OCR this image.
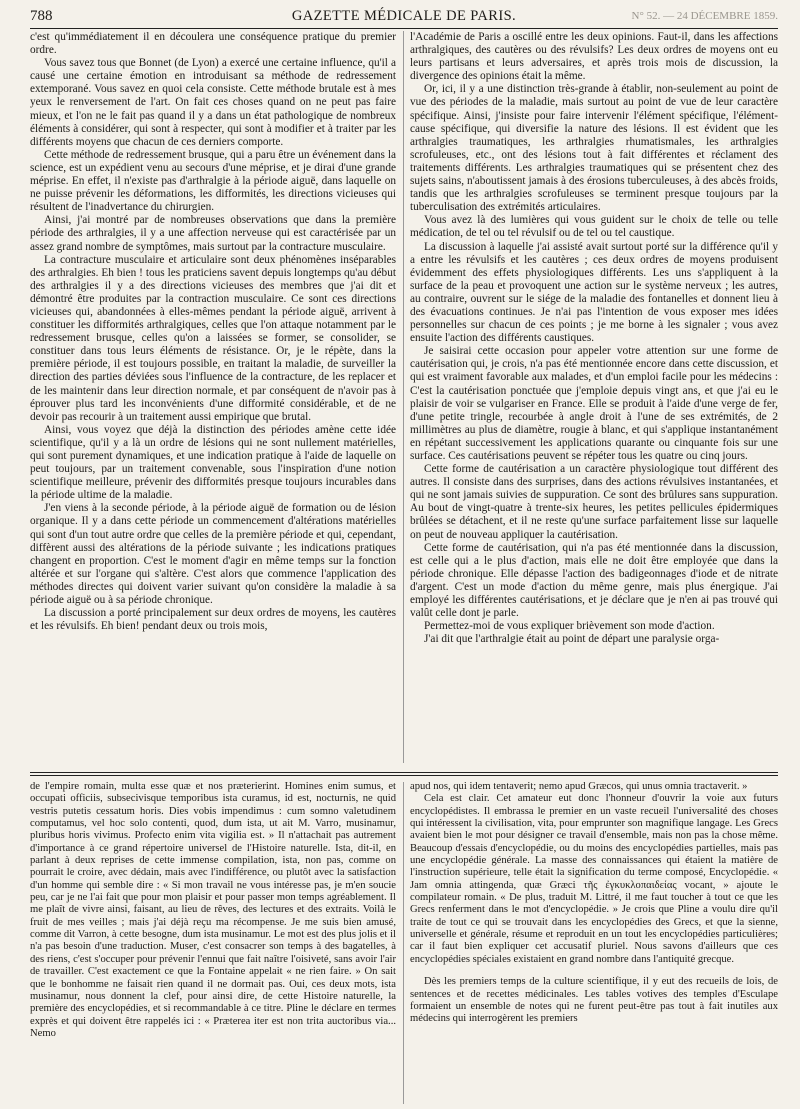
788	GAZETTE MÉDICALE DE PARIS.	N° 52. — 24 DÉCEMBRE 1859.

c'est qu'immédiatement il en découlera une conséquence pratique du premier ordre.

Vous savez tous que Bonnet (de Lyon) a exercé une certaine influence, qu'il a causé une certaine émotion en introduisant sa méthode de redressement extemporané. Vous savez en quoi cela consiste. Cette méthode brutale est à mes yeux le renversement de l'art. On fait ces choses quand on ne peut pas faire mieux, et l'on ne le fait pas quand il y a dans un état pathologique de nombreux éléments à considérer, qui sont à respecter, qui sont à modifier et à traiter par les différents moyens que chacun de ces derniers comporte.

Cette méthode de redressement brusque, qui a paru être un événement dans la science, est un expédient venu au secours d'une méprise, et je dirai d'une grande méprise. En effet, il n'existe pas d'arthralgie à la période aiguë, dans laquelle on ne puisse prévenir les déformations, les difformités, les directions vicieuses qui résultent de l'inadvertance du chirurgien.

Ainsi, j'ai montré par de nombreuses observations que dans la première période des arthralgies, il y a une affection nerveuse qui est caractérisée par un assez grand nombre de symptômes, mais surtout par la contracture musculaire.

La contracture musculaire et articulaire sont deux phénomènes inséparables des arthralgies. Eh bien ! tous les praticiens savent depuis longtemps qu'au début des arthralgies il y a des directions vicieuses des membres que j'ai dit et démontré être produites par la contraction musculaire. Ce sont ces directions vicieuses qui, abandonnées à elles-mêmes pendant la période aiguë, arrivent à constituer les difformités arthralgiques, celles que l'on attaque notamment par le redressement brusque, celles qu'on a laissées se former, se consolider, se constituer dans tous leurs éléments de résistance. Or, je le répète, dans la première période, il est toujours possible, en traitant la maladie, de surveiller la direction des parties déviées sous l'influence de la contracture, de les replacer et de les maintenir dans leur direction normale, et par conséquent de n'avoir pas à éprouver plus tard les inconvénients d'une difformité considérable, et de ne devoir pas recourir à un traitement aussi empirique que brutal.

Ainsi, vous voyez que déjà la distinction des périodes amène cette idée scientifique, qu'il y a là un ordre de lésions qui ne sont nullement matérielles, qui sont purement dynamiques, et une indication pratique à l'aide de laquelle on peut toujours, par un traitement convenable, sous l'inspiration d'une notion scientifique meilleure, prévenir des difformités presque toujours incurables dans la période ultime de la maladie.

J'en viens à la seconde période, à la période aiguë de formation ou de lésion organique. Il y a dans cette période un commencement d'altérations matérielles qui sont d'un tout autre ordre que celles de la première période et qui, cependant, diffèrent aussi des altérations de la période suivante ; les indications pratiques changent en proportion. C'est le moment d'agir en même temps sur la fonction altérée et sur l'organe qui s'altère. C'est alors que commence l'application des méthodes directes qui doivent varier suivant qu'on considère la maladie à sa période aiguë ou à sa période chronique.

La discussion a porté principalement sur deux ordres de moyens, les cautères et les révulsifs. Eh bien! pendant deux ou trois mois,

l'Académie de Paris a oscillé entre les deux opinions. Faut-il, dans les affections arthralgiques, des cautères ou des révulsifs? Les deux ordres de moyens ont eu leurs partisans et leurs adversaires, et après trois mois de discussion, la divergence des opinions était la même.

Or, ici, il y a une distinction très-grande à établir, non-seulement au point de vue des périodes de la maladie, mais surtout au point de vue de leur caractère spécifique. Ainsi, j'insiste pour faire intervenir l'élément spécifique, l'élément-cause spécifique, qui diversifie la nature des lésions. Il est évident que les arthralgies traumatiques, les arthralgies rhumatismales, les arthralgies scrofuleuses, etc., ont des lésions tout à fait différentes et réclament des traitements différents. Les arthralgies traumatiques qui se présentent chez des sujets sains, n'aboutissent jamais à des érosions tuberculeuses, à des abcès froids, tandis que les arthralgies scrofuleuses se terminent presque toujours par la tuberculisation des extrémités articulaires.

Vous avez là des lumières qui vous guident sur le choix de telle ou telle médication, de tel ou tel révulsif ou de tel ou tel caustique.

La discussion à laquelle j'ai assisté avait surtout porté sur la différence qu'il y a entre les révulsifs et les cautères ; ces deux ordres de moyens produisent évidemment des effets physiologiques différents. Les uns s'appliquent à la surface de la peau et provoquent une action sur le système nerveux ; les autres, au contraire, ouvrent sur le siége de la maladie des fontanelles et donnent lieu à des évacuations continues. Je n'ai pas l'intention de vous exposer mes idées personnelles sur chacun de ces points ; je me borne à les signaler ; vous avez ensuite l'action des différents caustiques.

Je saisirai cette occasion pour appeler votre attention sur une forme de cautérisation qui, je crois, n'a pas été mentionnée encore dans cette discussion, et qui est vraiment favorable aux malades, et d'un emploi facile pour les médecins : C'est la cautérisation ponctuée que j'emploie depuis vingt ans, et que j'ai eu le plaisir de voir se vulgariser en France. Elle se produit à l'aide d'une verge de fer, d'une petite tringle, recourbée à angle droit à l'une de ses extrémités, de 2 millimètres au plus de diamètre, rougie à blanc, et qui s'applique instantanément en répétant successivement les applications quarante ou cinquante fois sur une surface. Ces cautérisations peuvent se répéter tous les quatre ou cinq jours.

Cette forme de cautérisation a un caractère physiologique tout différent des autres. Il consiste dans des surprises, dans des actions révulsives instantanées, et qui ne sont jamais suivies de suppuration. Ce sont des brûlures sans suppuration. Au bout de vingt-quatre à trente-six heures, les petites pellicules épidermiques brûlées se détachent, et il ne reste qu'une surface parfaitement lisse sur laquelle on peut de nouveau appliquer la cautérisation.

Cette forme de cautérisation, qui n'a pas été mentionnée dans la discussion, est celle qui a le plus d'action, mais elle ne doit être employée que dans la période chronique. Elle dépasse l'action des badigeonnages d'iode et de nitrate d'argent. C'est un mode d'action du même genre, mais plus énergique. J'ai employé les différentes cautérisations, et je déclare que je n'en ai pas trouvé qui valût celle dont je parle.

Permettez-moi de vous expliquer brièvement son mode d'action.

J'ai dit que l'arthralgie était au point de départ une paralysie orga-

de l'empire romain, multa esse quæ et nos præterierint. Homines enim sumus, et occupati officiis, subsecivisque temporibus ista curamus, id est, nocturnis, ne quid vestris putetis cessatum horis. Dies vobis impendimus : cum somno valetudinem computamus, vel hoc solo contenti, quod, dum ista, ut ait M. Varro, musinamur, pluribus horis vivimus. Profecto enim vita vigilia est. » Il n'attachait pas autrement d'importance à ce grand répertoire universel de l'Histoire naturelle. Ista, dit-il, en parlant à deux reprises de cette immense compilation, ista, non pas, comme on pourrait le croire, avec dédain, mais avec l'indifférence, ou plutôt avec la satisfaction d'un homme qui semble dire : « Si mon travail ne vous intéresse pas, je m'en soucie peu, car je ne l'ai fait que pour mon plaisir et pour passer mon temps agréablement. Il me plaît de vivre ainsi, faisant, au lieu de rêves, des lectures et des extraits. Voilà le fruit de mes veilles ; mais j'ai déjà reçu ma récompense. Je me suis bien amusé, comme dit Varron, à cette besogne, dum ista musinamur. Le mot est des plus jolis et il n'a pas besoin d'une traduction. Muser, c'est consacrer son temps à des bagatelles, à des riens, c'est s'occuper pour prévenir l'ennui que fait naître l'oisiveté, sans avoir l'air de travailler. C'est exactement ce que la Fontaine appelait « ne rien faire. » On sait que le bonhomme ne faisait rien quand il ne dormait pas. Oui, ces deux mots, ista musinamur, nous donnent la clef, pour ainsi dire, de cette Histoire naturelle, la première des encyclopédies, et si recommandable à ce titre. Pline le déclare en termes exprès et qui doivent être rappelés ici : « Præterea iter est non trita auctoribus via... Nemo

apud nos, qui idem tentaverit; nemo apud Græcos, qui unus omnia tractaverit. »

Cela est clair. Cet amateur eut donc l'honneur d'ouvrir la voie aux futurs encyclopédistes. Il embrassa le premier en un vaste recueil l'universalité des choses qui intéressent la civilisation, vita, pour emprunter son magnifique langage. Les Grecs avaient bien le mot pour désigner ce travail d'ensemble, mais non pas la chose même. Beaucoup d'essais d'encyclopédie, ou du moins des encyclopédies partielles, mais pas une encyclopédie générale. La masse des connaissances qui étaient la matière de l'instruction supérieure, telle était la signification du terme composé, Encyclopédie. « Jam omnia attingenda, quæ Græci τῆς ἐγκυκλοπαιδείας vocant, » ajoute le compilateur romain. « De plus, traduit M. Littré, il me faut toucher à tout ce que les Grecs renferment dans le mot d'encyclopédie. » Je crois que Pline a voulu dire qu'il traite de tout ce qui se trouvait dans les encyclopédies des Grecs, et que la sienne, universelle et générale, résume et reproduit en un tout les encyclopédies particulières; car il faut bien expliquer cet accusatif pluriel. Nous savons d'ailleurs que ces encyclopédies spéciales existaient en grand nombre dans l'antiquité grecque.

Dès les premiers temps de la culture scientifique, il y eut des recueils de lois, de sentences et de recettes médicinales. Les tables votives des temples d'Esculape formaient un ensemble de notes qui ne furent peut-être pas tout à fait inutiles aux médecins qui interrogèrent les premiers
